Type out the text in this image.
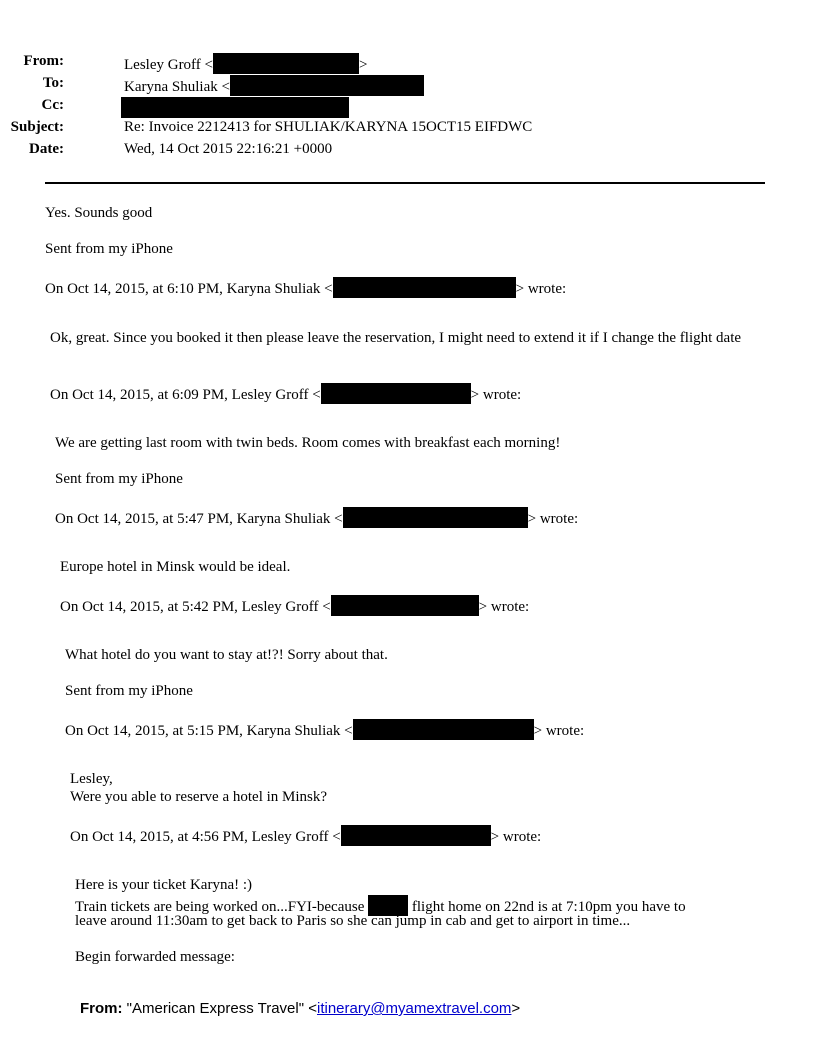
From:	Lesley Groff <	>
To:	Karyna Shuliak <
Cc:
Subject:	Re: Invoice 2212413 for SHULIAK/KARYNA 15OCT15 EIFDWC
Date:	Wed, 14 Oct 2015 22:16:21 +0000
Yes. Sounds good
Sent from my iPhone
On Oct 14, 2015, at 6:10 PM, Karyna Shuliak <	> wrote:
Ok, great. Since you booked it then please leave the reservation, I might need to extend it if I change the flight date
On Oct 14, 2015, at 6:09 PM, Lesley Groff <	> wrote:
We are getting last room with twin beds. Room comes with breakfast each morning!
Sent from my iPhone
On Oct 14, 2015, at 5:47 PM, Karyna Shuliak <	> wrote:
Europe hotel in Minsk would be ideal.
On Oct 14, 2015, at 5:42 PM, Lesley Groff <	> wrote:
What hotel do you want to stay at!?! Sorry about that.
Sent from my iPhone
On Oct 14, 2015, at 5:15 PM, Karyna Shuliak <	> wrote:
Lesley,
Were you able to reserve a hotel in Minsk?
On Oct 14, 2015, at 4:56 PM, Lesley Groff <	> wrote:
Here is your ticket Karyna! :)
Train tickets are being worked on...FYI-because	flight home on 22nd is at 7:10pm you have to
leave around 11:30am to get back to Paris so she can jump in cab and get to airport in time...
Begin forwarded message:
From: "American Express Travel" <itinerary@myamextravel.com>
